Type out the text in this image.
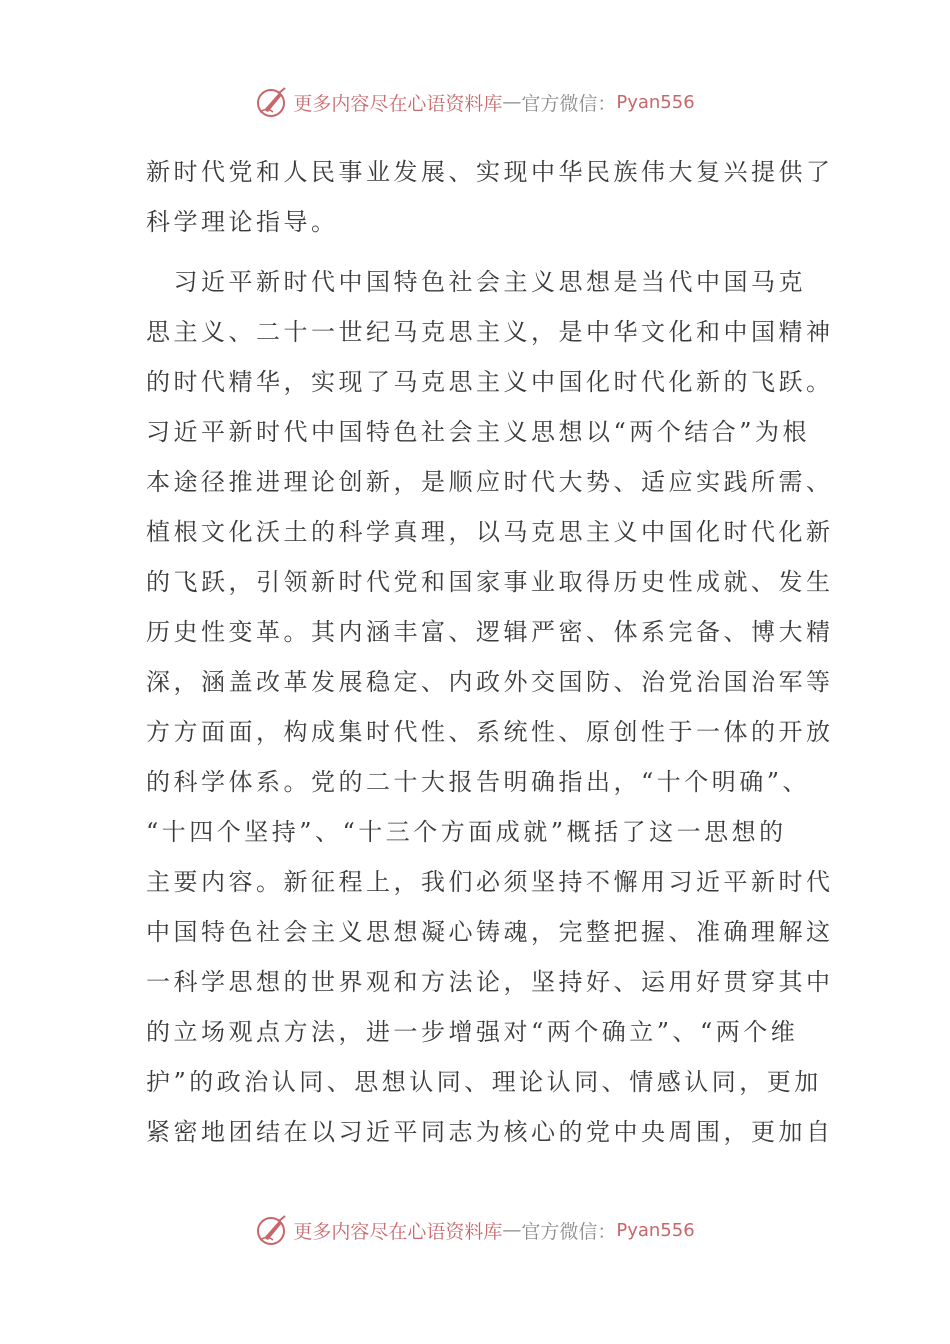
更多内容尽在心语资料库 — 官方微信： Pyan556
新时代党和人民事业发展、实现中华民族伟大复兴提供了
科学理论指导。
　习近平新时代中国特色社会主义思想是当代中国马克
思主义、二十一世纪马克思主义，是中华文化和中国精神
的时代精华，实现了马克思主义中国化时代化新的飞跃。
习近平新时代中国特色社会主义思想以“两个结合”为根
本途径推进理论创新，是顺应时代大势、适应实践所需、
植根文化沃土的科学真理，以马克思主义中国化时代化新
的飞跃，引领新时代党和国家事业取得历史性成就、发生
历史性变革。其内涵丰富、逻辑严密、体系完备、博大精
深，涵盖改革发展稳定、内政外交国防、治党治国治军等
方方面面，构成集时代性、系统性、原创性于一体的开放
的科学体系。党的二十大报告明确指出，“十个明确”、
“十四个坚持”、“十三个方面成就”概括了这一思想的
主要内容。新征程上，我们必须坚持不懈用习近平新时代
中国特色社会主义思想凝心铸魂，完整把握、准确理解这
一科学思想的世界观和方法论，坚持好、运用好贯穿其中
的立场观点方法，进一步增强对“两个确立”、“两个维
护”的政治认同、思想认同、理论认同、情感认同，更加
紧密地团结在以习近平同志为核心的党中央周围，更加自
更多内容尽在心语资料库 — 官方微信： Pyan556
